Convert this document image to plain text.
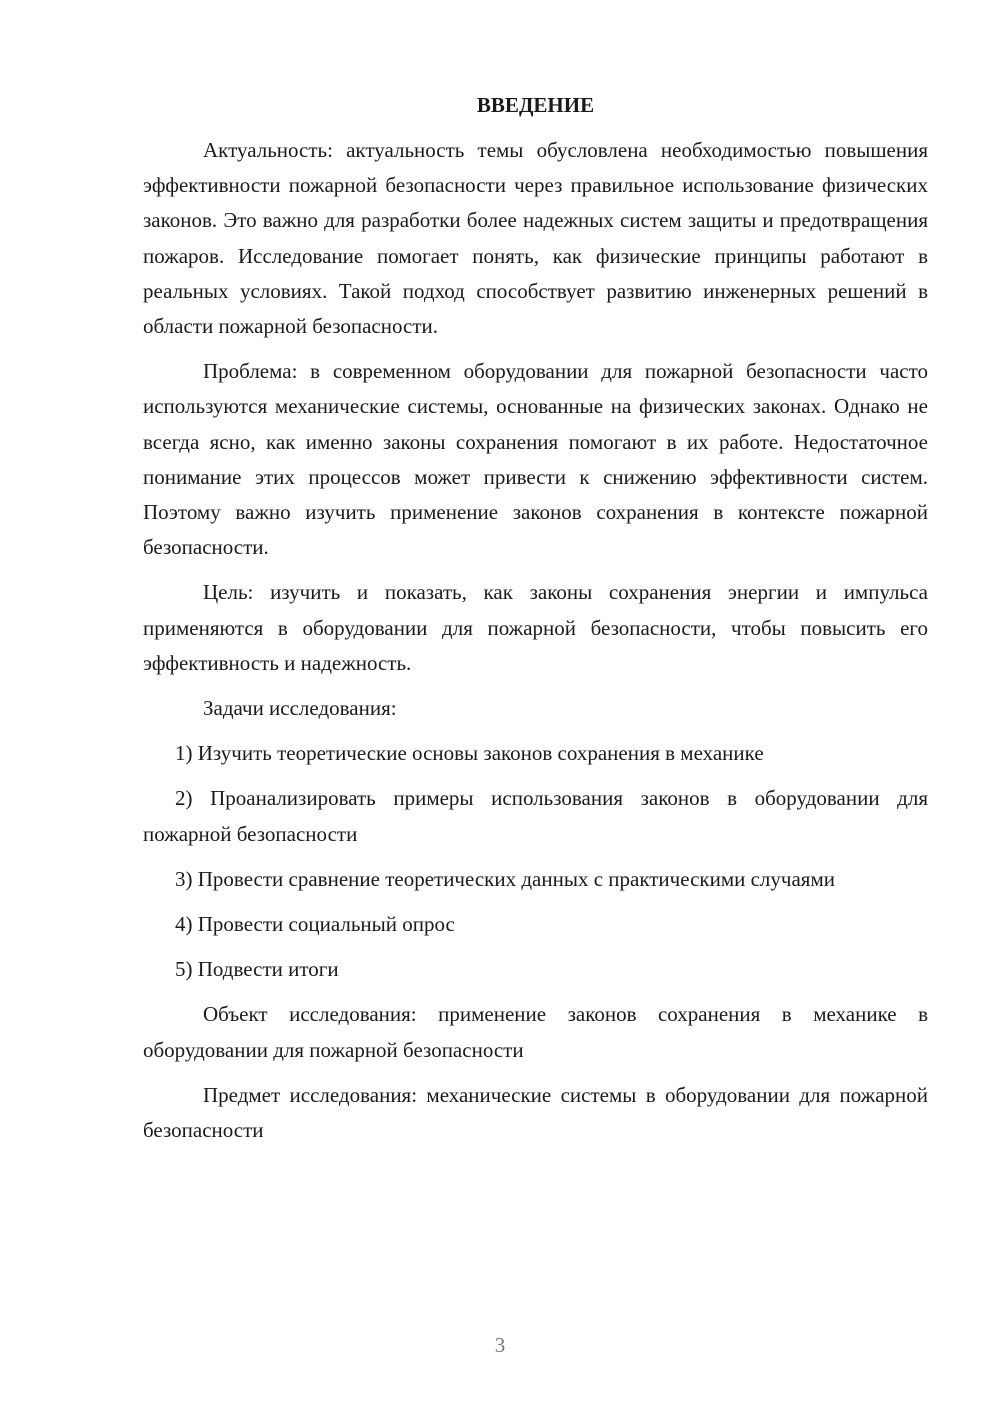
ВВЕДЕНИЕ

Актуальность: актуальность темы обусловлена необходимостью повышения эффективности пожарной безопасности через правильное использование физических законов. Это важно для разработки более надежных систем защиты и предотвращения пожаров. Исследование помогает понять, как физические принципы работают в реальных условиях. Такой подход способствует развитию инженерных решений в области пожарной безопасности.

Проблема: в современном оборудовании для пожарной безопасности часто используются механические системы, основанные на физических законах. Однако не всегда ясно, как именно законы сохранения помогают в их работе. Недостаточное понимание этих процессов может привести к снижению эффективности систем. Поэтому важно изучить применение законов сохранения в контексте пожарной безопасности.

Цель: изучить и показать, как законы сохранения энергии и импульса применяются в оборудовании для пожарной безопасности, чтобы повысить его эффективность и надежность.

Задачи исследования:

1) Изучить теоретические основы законов сохранения в механике

2) Проанализировать примеры использования законов в оборудовании для пожарной безопасности

3) Провести сравнение теоретических данных с практическими случаями

4) Провести социальный опрос

5) Подвести итоги

Объект исследования: применение законов сохранения в механике в оборудовании для пожарной безопасности

Предмет исследования: механические системы в оборудовании для пожарной безопасности

3
